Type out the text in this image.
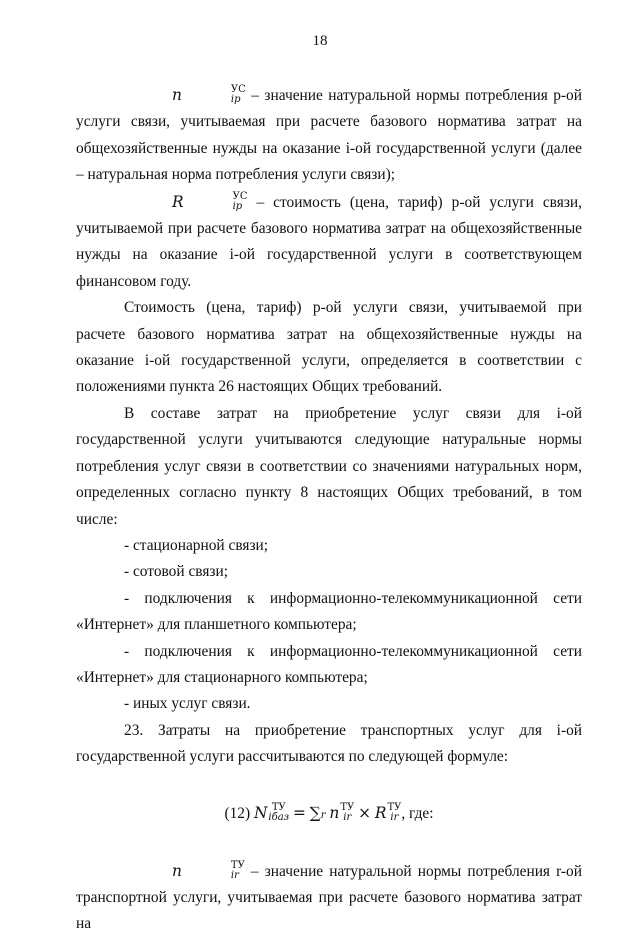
18

n	УС
ip – значение натуральной нормы потребления р-ой услуги связи, учитываемая при расчете базового норматива затрат на общехозяйственные нужды на оказание i-ой государственной услуги (далее – натуральная норма потребления услуги связи);

R	УС
ip – стоимость (цена, тариф) р-ой услуги связи, учитываемой при расчете базового норматива затрат на общехозяйственные нужды на оказание i-ой государственной услуги в соответствующем финансовом году.

Стоимость (цена, тариф) р-ой услуги связи, учитываемой при расчете базового норматива затрат на общехозяйственные нужды на оказание i-ой государственной услуги, определяется в соответствии с положениями пункта 26 настоящих Общих требований.

В составе затрат на приобретение услуг связи для i-ой государственной услуги учитываются следующие натуральные нормы потребления услуг связи в соответствии со значениями натуральных норм, определенных согласно пункту 8 настоящих Общих требований, в том числе:

- стационарной связи;

- сотовой связи;

- подключения к информационно-телекоммуникационной сети «Интернет» для планшетного компьютера;

- подключения к информационно-телекоммуникационной сети «Интернет» для стационарного компьютера;

- иных услуг связи.

23. Затраты на приобретение транспортных услуг для i-ой государственной услуги рассчитываются по следующей формуле:

(12) N ТУ
iбаз = ∑r n ТУ
ir × R ТУ
ir , где:

n	ТУ
ir – значение натуральной нормы потребления r-ой транспортной услуги, учитываемая при расчете базового норматива затрат на
